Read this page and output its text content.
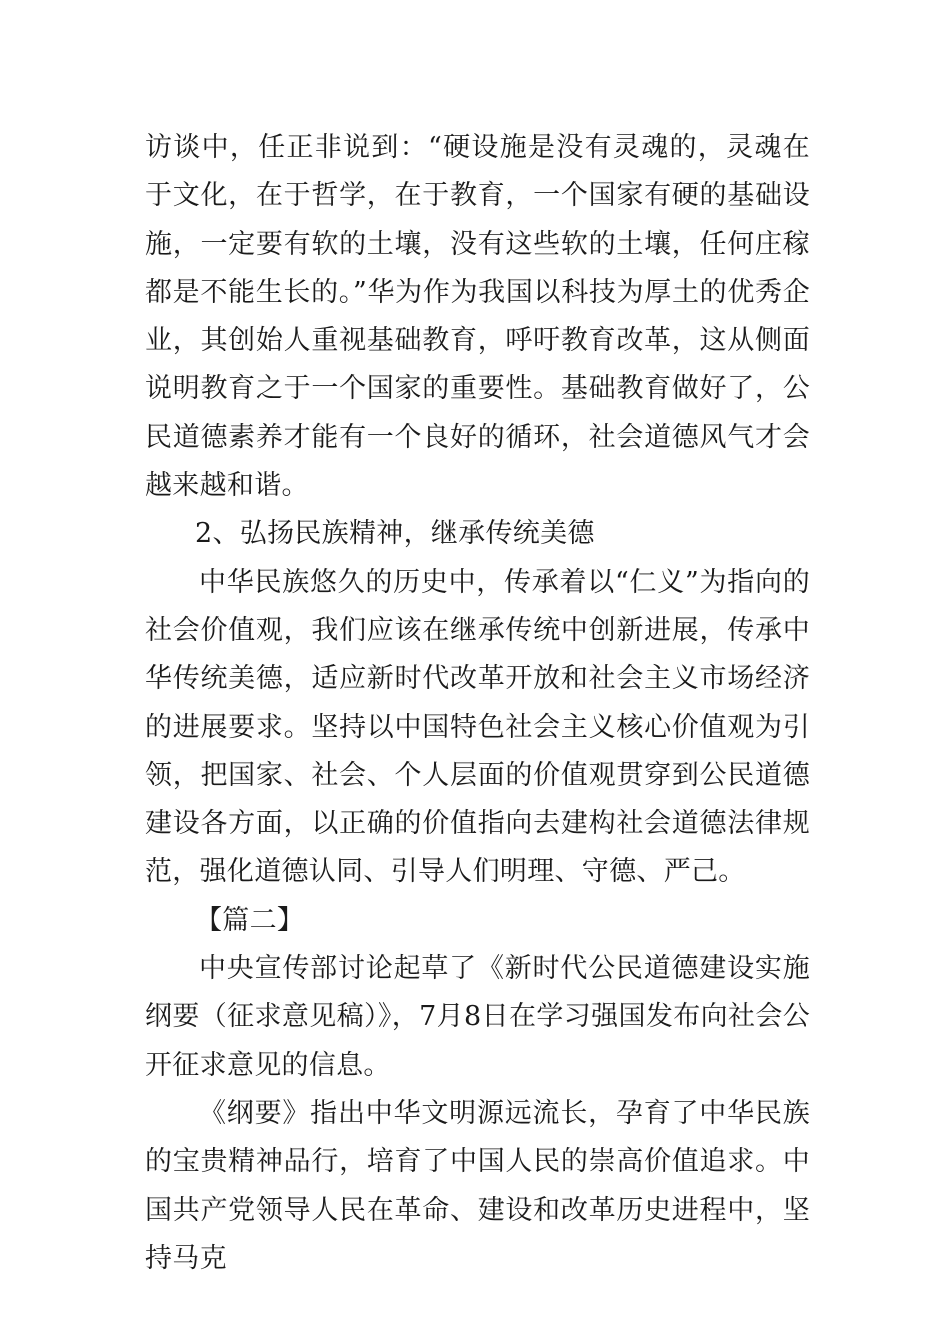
访谈中，任正非说到：“硬设施是没有灵魂的，灵魂在于文化，在于哲学，在于教育，一个国家有硬的基础设施，一定要有软的土壤，没有这些软的土壤，任何庄稼都是不能生长的。”华为作为我国以科技为厚土的优秀企业，其创始人重视基础教育，呼吁教育改革，这从侧面说明教育之于一个国家的重要性。基础教育做好了，公民道德素养才能有一个良好的循环，社会道德风气才会越来越和谐。

2、弘扬民族精神，继承传统美德

中华民族悠久的历史中，传承着以“仁义”为指向的社会价值观，我们应该在继承传统中创新进展，传承中华传统美德，适应新时代改革开放和社会主义市场经济的进展要求。坚持以中国特色社会主义核心价值观为引领，把国家、社会、个人层面的价值观贯穿到公民道德建设各方面，以正确的价值指向去建构社会道德法律规范，强化道德认同、引导人们明理、守德、严己。

【篇二】

中央宣传部讨论起草了《新时代公民道德建设实施纲要（征求意见稿）》，7月8日在学习强国发布向社会公开征求意见的信息。

《纲要》指出中华文明源远流长，孕育了中华民族的宝贵精神品行，培育了中国人民的崇高价值追求。中国共产党领导人民在革命、建设和改革历史进程中，坚持马克
